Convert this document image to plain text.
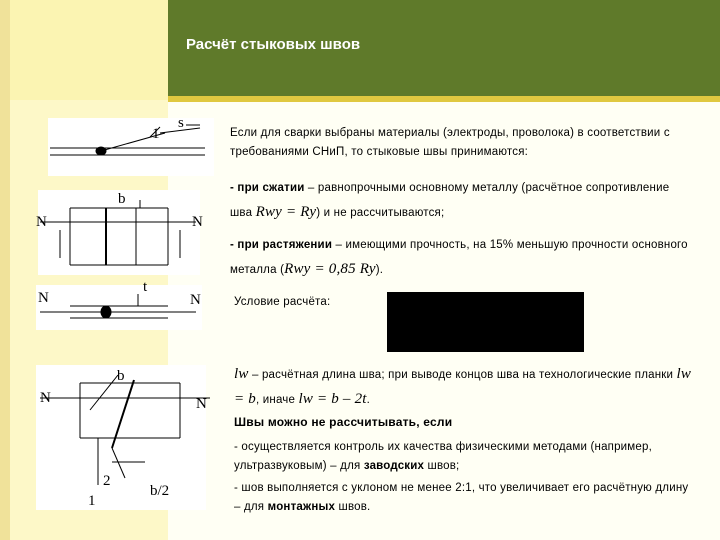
Расчёт стыковых швов
s
1
b
N	N
t
N	N
b
N	N
2
1
b/2
Если для сварки выбраны материалы (электроды, проволока) в соответствии с требованиями СНиП, то стыковые швы принимаются:
- при сжатии – равнопрочными основному металлу (расчётное сопротивление шва Rwy = Ry) и не рассчитываются;
- при растяжении – имеющими прочность, на 15% меньшую прочности основного металла (Rwy = 0,85 Ry).
Условие расчёта:
lw – расчётная длина шва; при выводе концов шва на технологические планки lw = b, иначе lw = b – 2t.
Швы можно не рассчитывать, если
- осуществляется контроль их качества физическими методами (например, ультразвуковым) – для заводских швов;
- шов выполняется с уклоном не менее 2:1, что увеличивает его расчётную длину – для монтажных швов.
